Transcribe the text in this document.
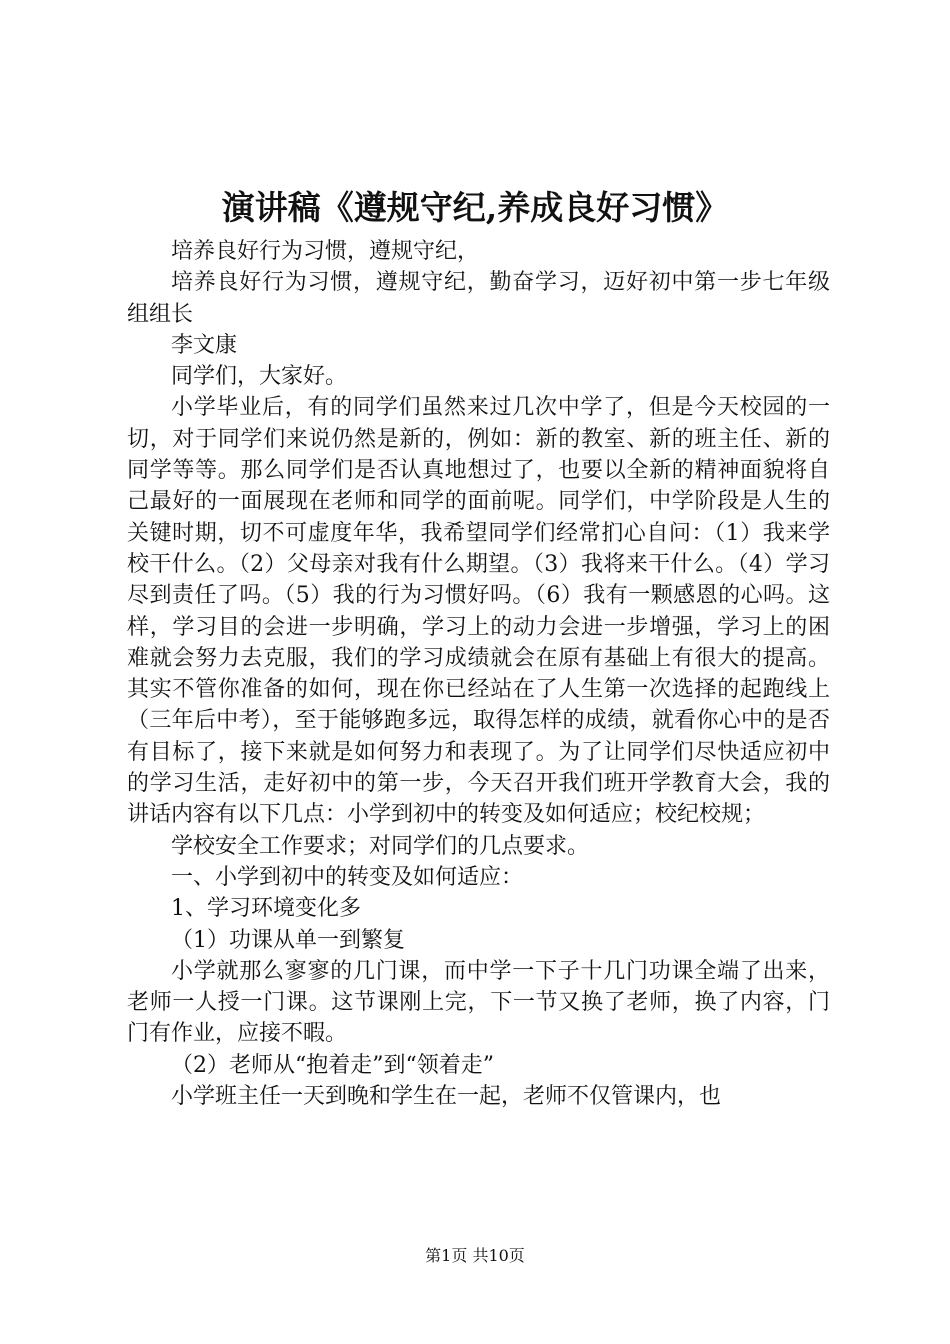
演讲稿《遵规守纪,养成良好习惯》

培养良好行为习惯，遵规守纪，

培养良好行为习惯，遵规守纪，勤奋学习，迈好初中第一步七年级组组长

李文康

同学们，大家好。

小学毕业后，有的同学们虽然来过几次中学了，但是今天校园的一切，对于同学们来说仍然是新的，例如：新的教室、新的班主任、新的同学等等。那么同学们是否认真地想过了，也要以全新的精神面貌将自己最好的一面展现在老师和同学的面前呢。同学们，中学阶段是人生的关键时期，切不可虚度年华，我希望同学们经常扪心自问：（1）我来学校干什么。（2）父母亲对我有什么期望。（3）我将来干什么。（4）学习尽到责任了吗。（5）我的行为习惯好吗。（6）我有一颗感恩的心吗。这样，学习目的会进一步明确，学习上的动力会进一步增强，学习上的困难就会努力去克服，我们的学习成绩就会在原有基础上有很大的提高。其实不管你准备的如何，现在你已经站在了人生第一次选择的起跑线上（三年后中考），至于能够跑多远，取得怎样的成绩，就看你心中的是否有目标了，接下来就是如何努力和表现了。为了让同学们尽快适应初中的学习生活，走好初中的第一步，今天召开我们班开学教育大会，我的讲话内容有以下几点：小学到初中的转变及如何适应；校纪校规；

学校安全工作要求；对同学们的几点要求。

一、小学到初中的转变及如何适应：

1、学习环境变化多

（1）功课从单一到繁复

小学就那么寥寥的几门课，而中学一下子十几门功课全端了出来，老师一人授一门课。这节课刚上完，下一节又换了老师，换了内容，门门有作业，应接不暇。

（2）老师从“抱着走”到“领着走”

小学班主任一天到晚和学生在一起，老师不仅管课内，也

第1页 共10页
